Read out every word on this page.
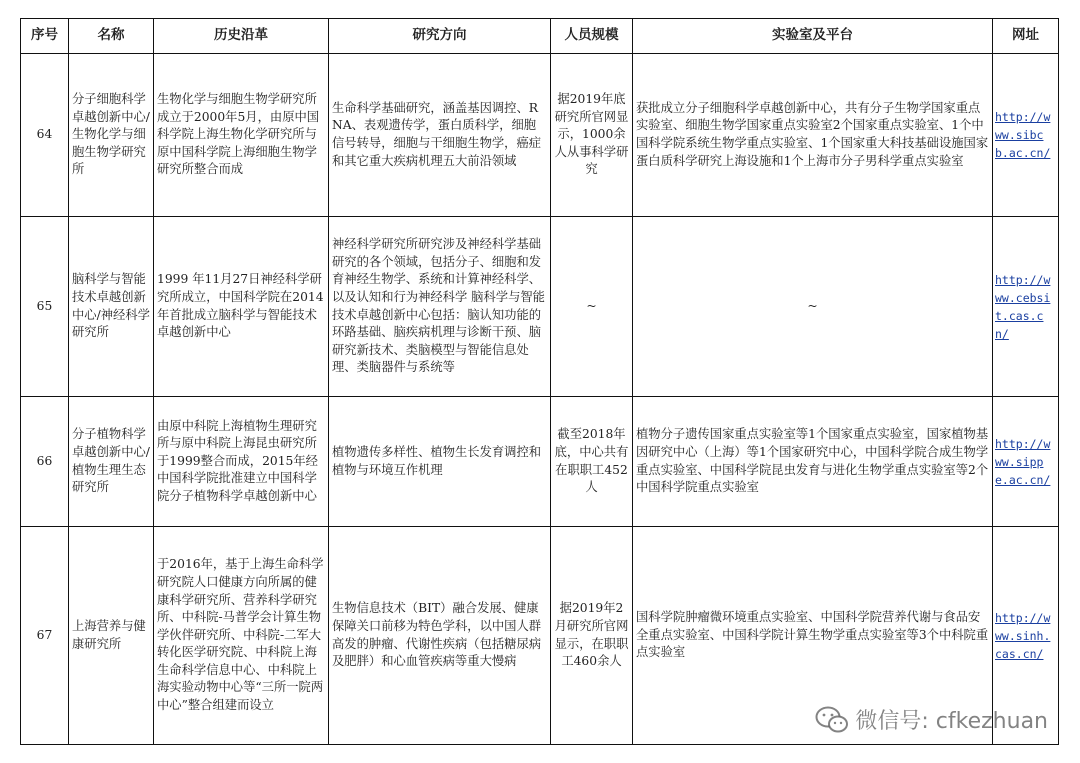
序号	名称	历史沿革	研究方向	人员规模	实验室及平台	网址
64	分子细胞科学卓越创新中心/生物化学与细胞生物学研究所	生物化学与细胞生物学研究所成立于2000年5月，由原中国科学院上海生物化学研究所与原中国科学院上海细胞生物学研究所整合而成	生命科学基础研究，涵盖基因调控、RNA、表观遗传学，蛋白质科学，细胞信号转导，细胞与干细胞生物学，癌症和其它重大疾病机理五大前沿领域	据2019年底研究所官网显示，1000余人从事科学研究	获批成立分子细胞科学卓越创新中心，共有分子生物学国家重点实验室、细胞生物学国家重点实验室2个国家重点实验室、1个中国科学院系统生物学重点实验室、1个国家重大科技基础设施国家蛋白质科学研究上海设施和1个上海市分子男科学重点实验室	http://www.sibcb.ac.cn/
65	脑科学与智能技术卓越创新中心/神经科学研究所	1999 年11月27日神经科学研究所成立，中国科学院在2014年首批成立脑科学与智能技术卓越创新中心	神经科学研究所研究涉及神经科学基础研究的各个领域，包括分子、细胞和发育神经生物学、系统和计算神经科学、以及认知和行为神经科学 脑科学与智能技术卓越创新中心包括：脑认知功能的环路基础、脑疾病机理与诊断干预、脑研究新技术、类脑模型与智能信息处理、类脑器件与系统等	~	~	http://www.cebsit.cas.cn/
66	分子植物科学卓越创新中心/植物生理生态研究所	由原中科院上海植物生理研究所与原中科院上海昆虫研究所于1999整合而成，2015年经中国科学院批准建立中国科学院分子植物科学卓越创新中心	植物遗传多样性、植物生长发育调控和植物与环境互作机理	截至2018年底，中心共有在职职工452人	植物分子遗传国家重点实验室等1个国家重点实验室，国家植物基因研究中心（上海）等1个国家研究中心，中国科学院合成生物学重点实验室、中国科学院昆虫发育与进化生物学重点实验室等2个中国科学院重点实验室	http://www.sippe.ac.cn/
67	上海营养与健康研究所	于2016年，基于上海生命科学研究院人口健康方向所属的健康科学研究所、营养科学研究所、中科院-马普学会计算生物学伙伴研究所、中科院-二军大转化医学研究院、中科院上海生命科学信息中心、中科院上海实验动物中心等“三所一院两中心”整合组建而设立	生物信息技术（BIT）融合发展、健康保障关口前移为特色学科，以中国人群高发的肿瘤、代谢性疾病（包括糖尿病及肥胖）和心血管疾病等重大慢病	据2019年2月研究所官网显示，在职职工460余人	国科学院肿瘤微环境重点实验室、中国科学院营养代谢与食品安全重点实验室、中国科学院计算生物学重点实验室等3个中科院重点实验室	http://www.sinh.cas.cn/
微信号: cfkezhuan
